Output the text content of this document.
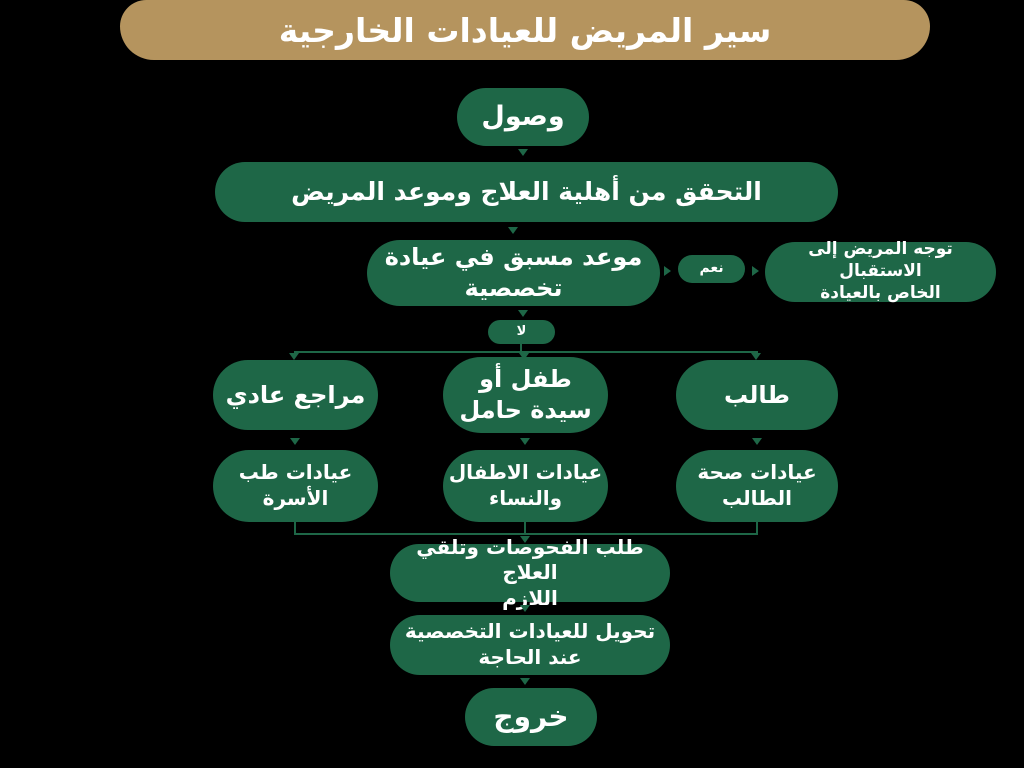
سير المريض للعيادات الخارجية
وصول
التحقق من أهلية العلاج وموعد المريض
موعد مسبق في عيادة
تخصصية
نعم
توجه المريض إلى الاستقبال
الخاص بالعيادة
لا
مراجع عادي
طفل أو
سيدة حامل
طالب
عيادات طب
الأسرة
عيادات الاطفال
والنساء
عيادات صحة
الطالب
طلب الفحوصات وتلقي العلاج
اللازم
تحويل للعيادات التخصصية
عند الحاجة
خروج
